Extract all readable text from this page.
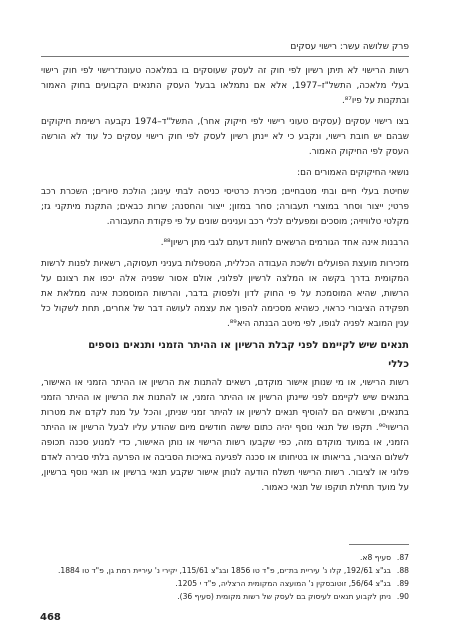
פרק שלושה עשר: רישוי עסקים

רשות הרישוי לא תיתן רשיון לפי חוק זה לעסק שעוסקים בו במלאכה טעונת־רישוי לפי חוק רישוי בעלי מלאכה, התשל"ז–1977, אלא אם נתמלאו בבעל העסק התנאים הקבועים בחוק האמור ובתקנות על פיו⁸⁷.

בצו רישוי עסקים (עסקים טעוני רישוי לפי חיקוק אחר), התשל"ד–1974 נקבעה רשימת חיקוקים שבהם יש חובת רישוי, ונקבע כי לא יינתן רשיון לעסק לפי חוק רישוי עסקים כל עוד לא הורשה העסק לפי החיקוק האמור.

נושאי החיקוקים האמורים הם:

שחיטת בעלי חיים ובתי מטבחיים; מכירת כרטיסי כניסה לבתי עינוג; הולכת סיורים; השכרת רכב פרטי; ייצור וסחר במוצרי תעבורה; סחר במזון; ייצור והחסנה; שרות כבאים; התקנת מיתקני גז; מקלטי טלוויזיה; מוסכים ומפעלים לכלי רכב וענינים שונים על פי פקודת התעבורה.

הרבנות אינה אחד הגורמים הרשאים לחוות דעתם לגבי מתן רשיון⁸⁸.

מזכירות מועצת הפועלים ולשכת העבודה הכללית, המטפלות בעניני תעסוקה, רשאיות לפנות לרשות המקומית בדרך בקשה או המלצה לרשיון לפלוני, אולם אסור שפניה אלה יכפו את רצונם על הרשות, שהיא המוסמכת על פי החוק לדון ולפסוק בדבר, והרשות המוסמכת אינה ממלאת את תפקידה הציבורי כראוי, כשהיא מסכימה להפוך את עצמה לעושה דבר של אחרים, תחת לשקול כל ענין המובא לפניה לגופו, לפי מיטב הבנתה היא⁸⁹.

תנאים שיש לקיימם לפני קבלת הרשיון או ההיתר הזמני ותנאים נוספים
כללי

רשות הרישוי, או מי שנותן אישור מוקדם, רשאים להתנות את הרשיון או ההיתר הזמני או האישור, בתנאים שיש לקיימם לפני שיינתן הרשיון או ההיתר הזמני, או להתנות את הרשיון או ההיתר הזמני בתנאים, ורשאים הם להוסיף תנאים לרשיון או להיתר זמני שניתן, והכל על מנת לקדם את מטרות הרישוי⁹⁰. תקפו של תנאי נוסף יהיה כתום שישה חודשים מיום שהודע עליו לבעל הרשיון או ההיתר הזמני, או במועד מוקדם מזה, כפי שקבעו רשות הרישוי או נותן האישור, כדי למנוע סכנה תכופה לשלום הציבור, בריאותו או בטיחותו או סכנה לפגיעה באיכות הסביבה או הפרעה בלתי סבירה לאדם פלוני או לציבור. רשות הרישוי תשלח הודעה לנותן אישור שקבע תנאי ברשיון או תנאי נוסף ברשיון, על מועד תחילת תוקפו של תנאי כאמור.

87.
סעיף 8א.
88.
בג"צ 192/61, קלו נ' עיריית בת־ים, פ"ד טו 1856 ובג"צ 115/61, יקירי נ' עיריית רמת גן, פ"ד טו 1884.
89.
בג"צ 56/64, זוטובסקין נ' המועצה המקומית הרצליה, פ"ד י 1205.
90.
ניתן לקבוע תנאים לעיסוק בם לעסק של רשות מקומית (סעיף 36).
468
